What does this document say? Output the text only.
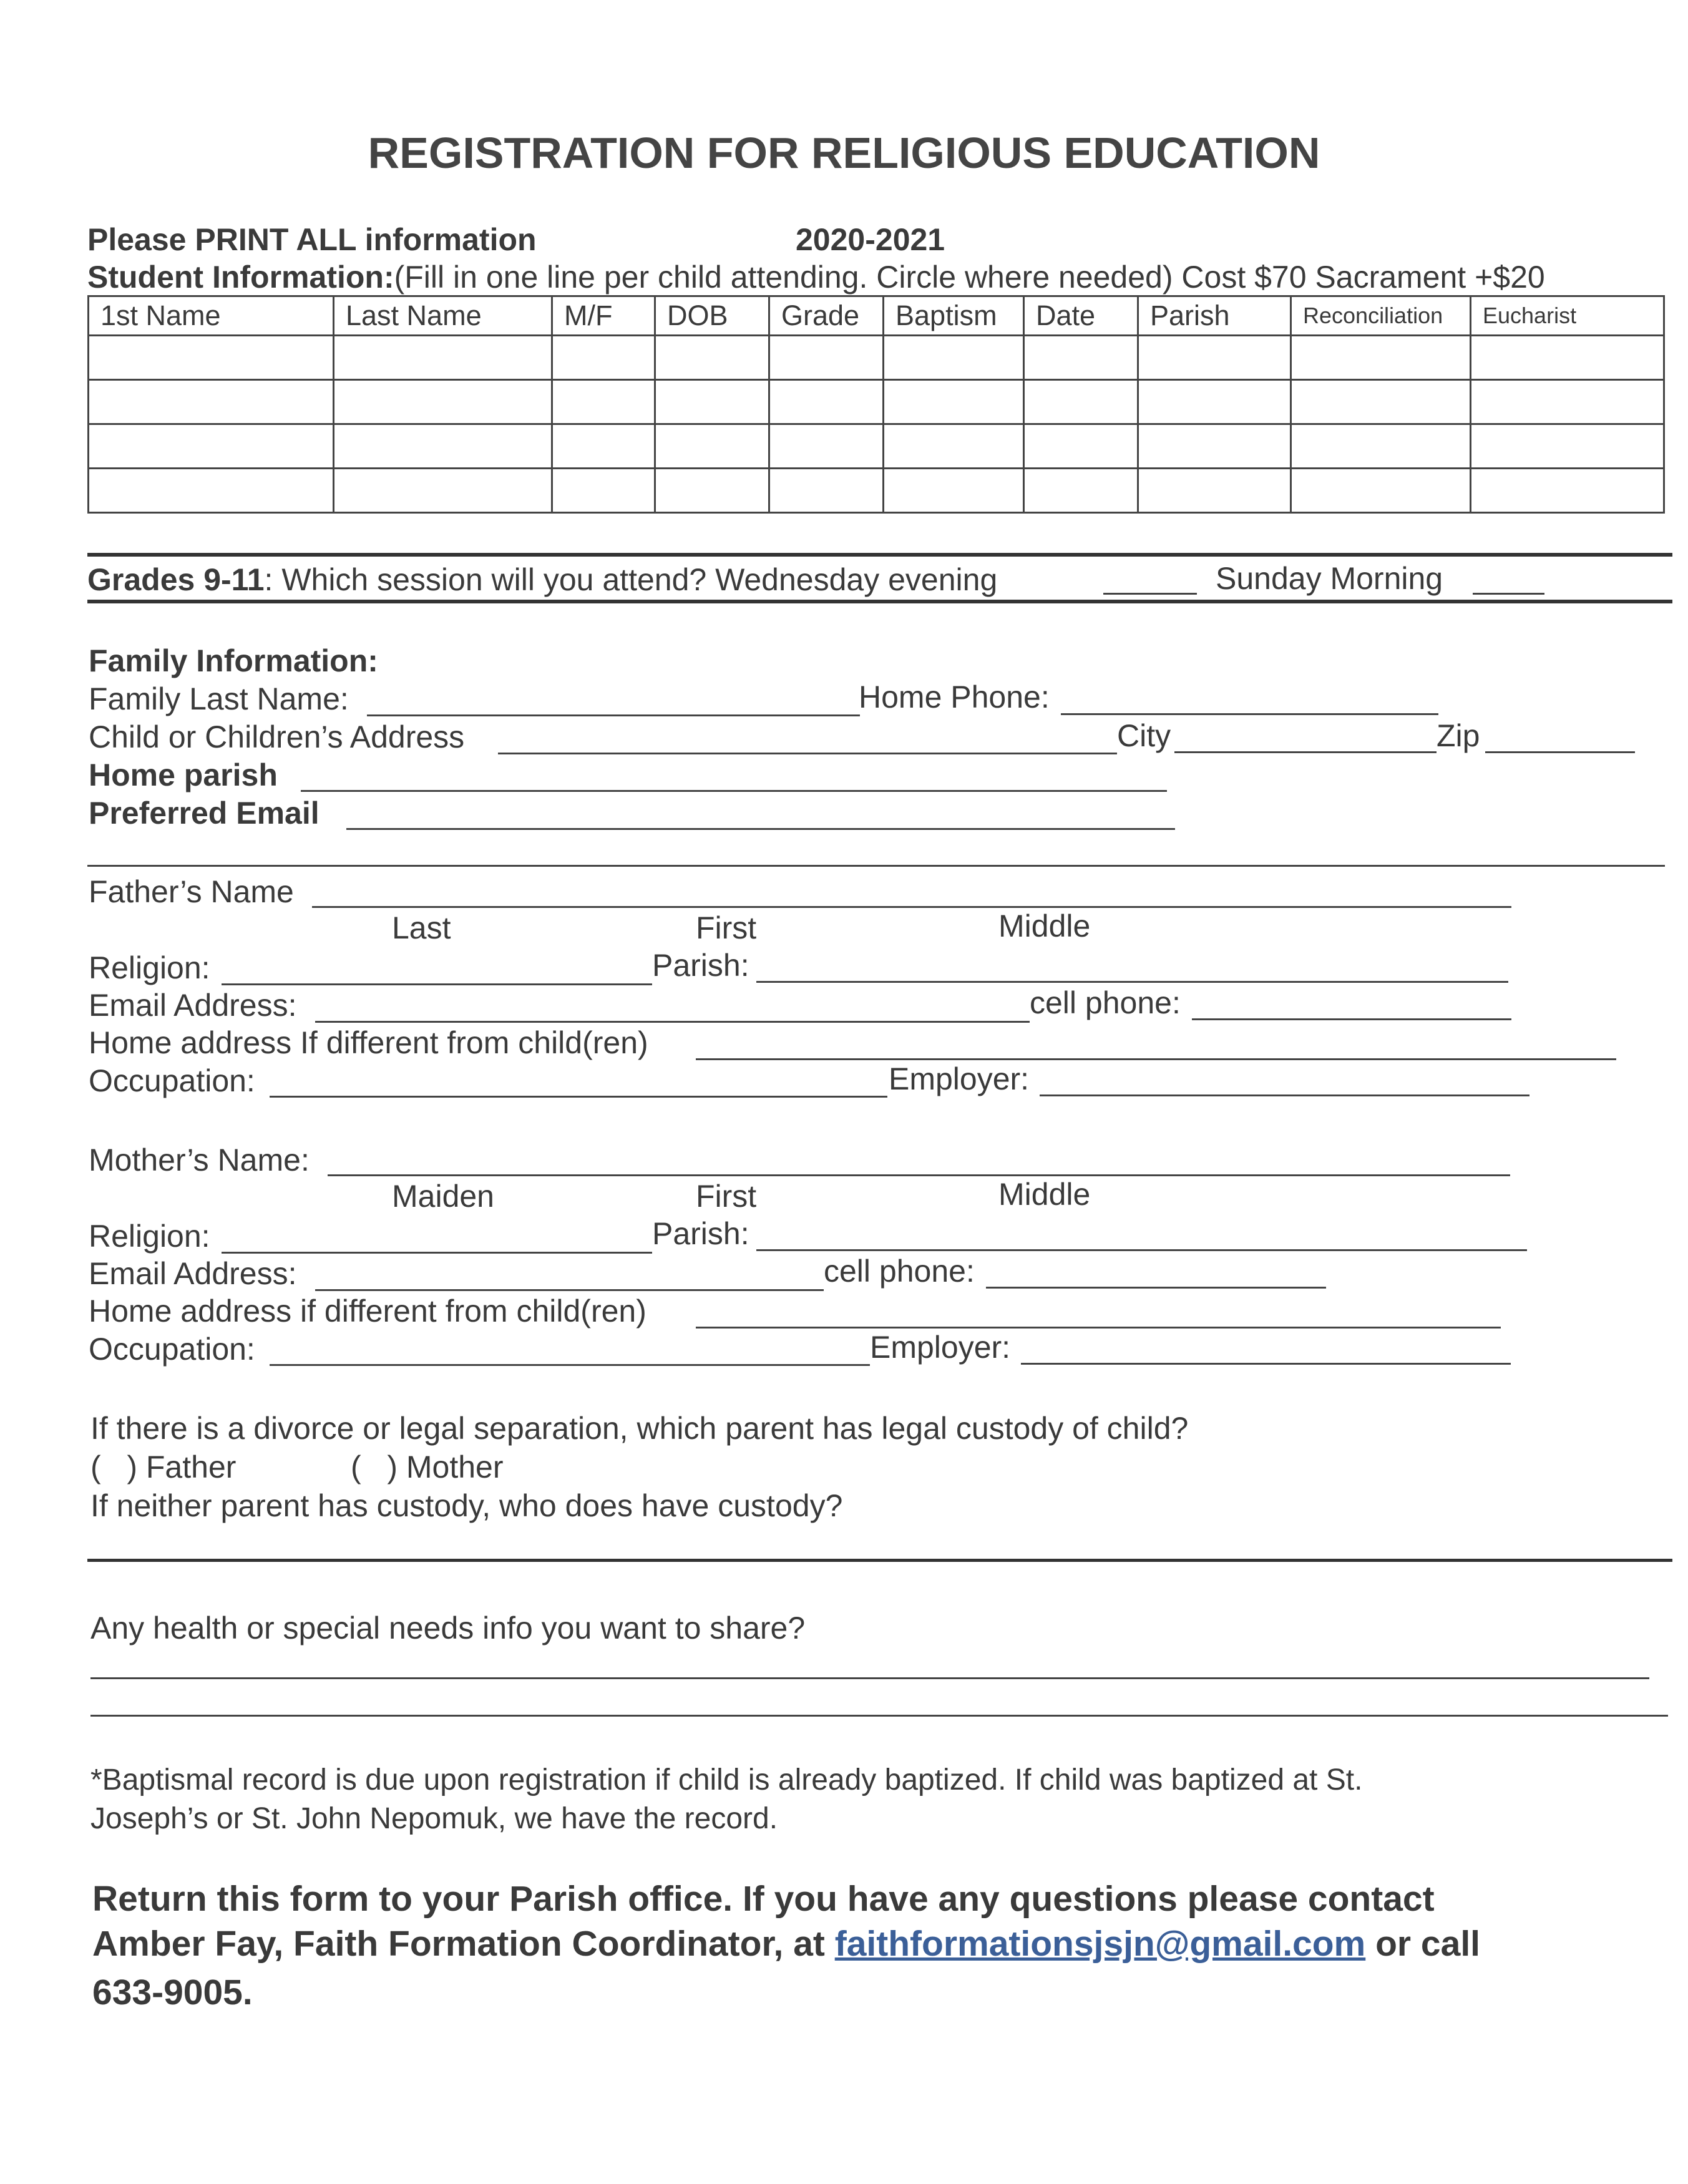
REGISTRATION FOR RELIGIOUS EDUCATION
Please PRINT ALL information	2020-2021
Student Information:(Fill in one line per child attending. Circle where needed) Cost $70 Sacrament +$20
1st Name	Last Name	M/F	DOB	Grade	Baptism	Date	Parish	Reconciliation	Eucharist

Grades 9-11: Which session will you attend? Wednesday evening	Sunday Morning
Family Information:
Family Last Name:	Home Phone:
Child or Children’s Address	City	Zip
Home parish
Preferred Email
Father’s Name
Last	First	Middle
Religion:	Parish:
Email Address:	cell phone:
Home address If different from child(ren)
Occupation:	Employer:
Mother’s Name:
Maiden	First	Middle
Religion:	Parish:
Email Address:	cell phone:
Home address if different from child(ren)
Occupation:	Employer:
If there is a divorce or legal separation, which parent has legal custody of child?
(   ) Father	(   ) Mother
If neither parent has custody, who does have custody?
Any health or special needs info you want to share?
*Baptismal record is due upon registration if child is already baptized. If child was baptized at St.
Joseph’s or St. John Nepomuk, we have the record.
Return this form to your Parish office. If you have any questions please contact
Amber Fay, Faith Formation Coordinator, at faithformationsjsjn@gmail.com or call
633-9005.
